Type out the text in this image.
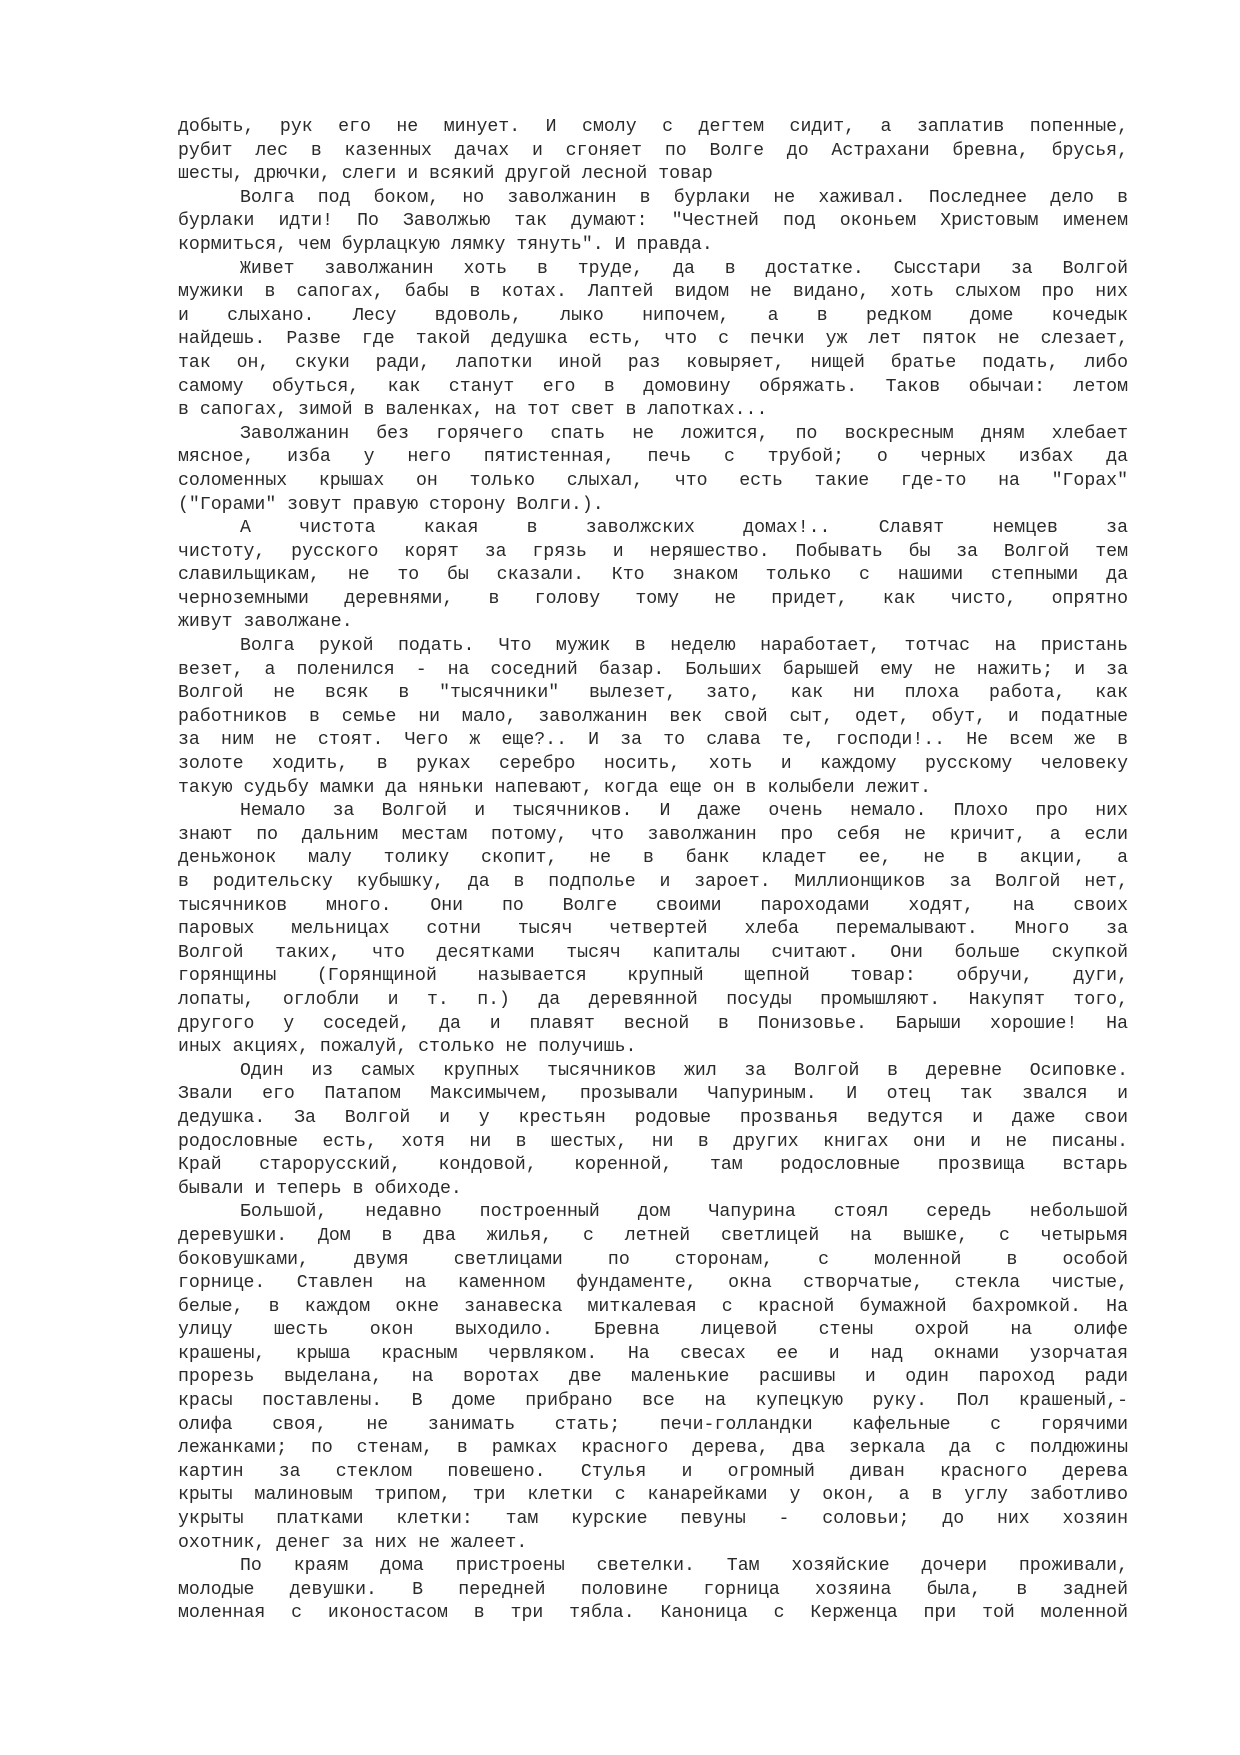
добыть, рук его не минует. И смолу с дегтем сидит, а заплатив попенные,
рубит лес в казенных дачах и сгоняет по Волге до Астрахани бревна, брусья,
шесты, дрючки, слеги и всякий другой лесной товар
Волга под боком, но заволжанин в бурлаки не хаживал. Последнее дело в
бурлаки идти! По Заволжью так думают: "Честней под оконьем Христовым именем
кормиться, чем бурлацкую лямку тянуть". И правда.
Живет заволжанин хоть в труде, да в достатке. Сысстари за Волгой
мужики в сапогах, бабы в котах. Лаптей видом не видано, хоть слыхом про них
и слыхано. Лесу вдоволь, лыко нипочем, а в редком доме кочедык
найдешь. Разве где такой дедушка есть, что с печки уж лет пяток не слезает,
так он, скуки ради, лапотки иной раз ковыряет, нищей братье подать, либо
самому обуться, как станут его в домовину обряжать. Таков обычаи: летом
в сапогах, зимой в валенках, на тот свет в лапотках...
Заволжанин без горячего спать не ложится, по воскресным дням хлебает
мясное, изба у него пятистенная, печь с трубой; о черных избах да
соломенных крышах он только слыхал, что есть такие где-то на "Горах"
("Горами" зовут правую сторону Волги.).
А чистота какая в заволжских домах!.. Славят немцев за
чистоту, русского корят за грязь и неряшество. Побывать бы за Волгой тем
славильщикам, не то бы сказали. Кто знаком только с нашими степными да
черноземными деревнями, в голову тому не придет, как чисто, опрятно
живут заволжане.
Волга рукой подать. Что мужик в неделю наработает, тотчас на пристань
везет, а поленился - на соседний базар. Больших барышей ему не нажить; и за
Волгой не всяк в "тысячники" вылезет, зато, как ни плоха работа, как
работников в семье ни мало, заволжанин век свой сыт, одет, обут, и податные
за ним не стоят. Чего ж еще?.. И за то слава те, господи!.. Не всем же в
золоте ходить, в руках серебро носить, хоть и каждому русскому человеку
такую судьбу мамки да няньки напевают, когда еще он в колыбели лежит.
Немало за Волгой и тысячников. И даже очень немало. Плохо про них
знают по дальним местам потому, что заволжанин про себя не кричит, а если
деньжонок малу толику скопит, не в банк кладет ее, не в акции, а
в родительску кубышку, да в подполье и зароет. Миллионщиков за Волгой нет,
тысячников много. Они по Волге своими пароходами ходят, на своих
паровых мельницах сотни тысяч четвертей хлеба перемалывают. Много за
Волгой таких, что десятками тысяч капиталы считают. Они больше скупкой
горянщины (Горянщиной называется крупный щепной товар: обручи, дуги,
лопаты, оглобли и т. п.) да деревянной посуды промышляют. Накупят того,
другого у соседей, да и плавят весной в Понизовье. Барыши хорошие! На
иных акциях, пожалуй, столько не получишь.
Один из самых крупных тысячников жил за Волгой в деревне Осиповке.
Звали его Патапом Максимычем, прозывали Чапуриным. И отец так звался и
дедушка. За Волгой и у крестьян родовые прозванья ведутся и даже свои
родословные есть, хотя ни в шестых, ни в других книгах они и не писаны.
Край старорусский, кондовой, коренной, там родословные прозвища встарь
бывали и теперь в обиходе.
Большой, недавно построенный дом Чапурина стоял середь небольшой
деревушки. Дом в два жилья, с летней светлицей на вышке, с четырьмя
боковушками, двумя светлицами по сторонам, с моленной в особой
горнице. Ставлен на каменном фундаменте, окна створчатые, стекла чистые,
белые, в каждом окне занавеска миткалевая с красной бумажной бахромкой. На
улицу шесть окон выходило. Бревна лицевой стены охрой на олифе
крашены, крыша красным червляком. На свесах ее и над окнами узорчатая
прорезь выделана, на воротах две маленькие расшивы и один пароход ради
красы поставлены. В доме прибрано все на купецкую руку. Пол крашеный,-
олифа своя, не занимать стать; печи-голландки кафельные с горячими
лежанками; по стенам, в рамках красного дерева, два зеркала да с полдюжины
картин за стеклом повешено. Стулья и огромный диван красного дерева
крыты малиновым трипом, три клетки с канарейками у окон, а в углу заботливо
укрыты платками клетки: там курские певуны - соловьи; до них хозяин
охотник, денег за них не жалеет.
По краям дома пристроены светелки. Там хозяйские дочери проживали,
молодые девушки. В передней половине горница хозяина была, в задней
моленная с иконостасом в три тябла. Каноница с Керженца при той моленной
